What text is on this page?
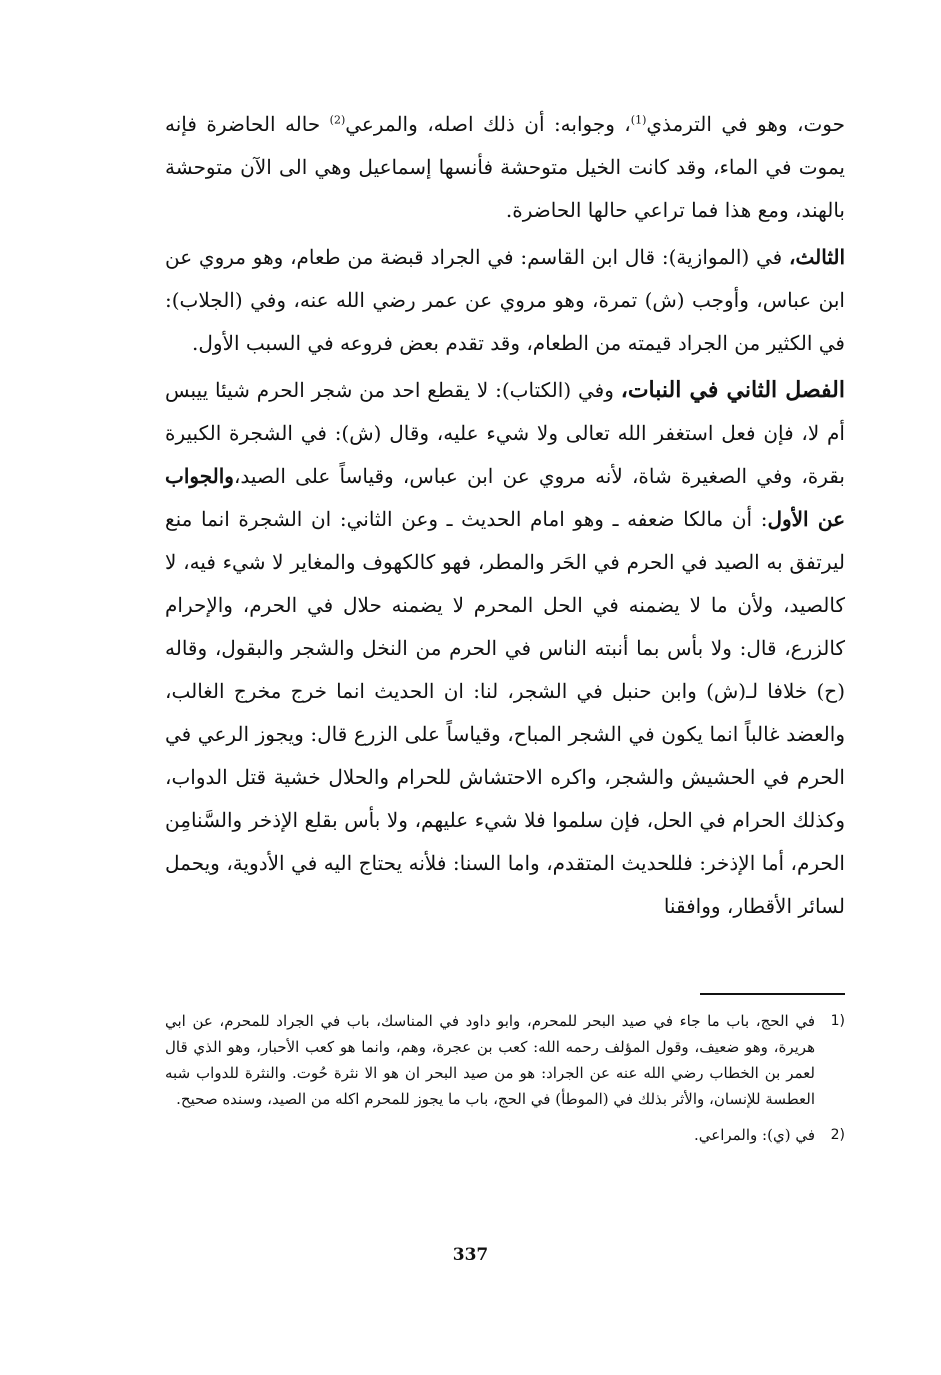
حوت، وهو في الترمذي$^{(1)}$، وجوابه: أن ذلك اصله، والمرعي$^{(2)}$ حاله الحاضرة فإنه يموت في الماء، وقد كانت الخيل متوحشة فأنسها إسماعيل وهي الى الآن متوحشة بالهند، ومع هذا فما تراعي حالها الحاضرة.

الثالث، في (الموازية): قال ابن القاسم: في الجراد قبضة من طعام، وهو مروي عن ابن عباس، وأوجب (ش) تمرة، وهو مروي عن عمر رضي الله عنه، وفي (الجلاب): في الكثير من الجراد قيمته من الطعام، وقد تقدم بعض فروعه في السبب الأول.

الفصل الثاني في النبات، وفي (الكتاب): لا يقطع احد من شجر الحرم شيئا ييبس أم لا، فإن فعل استغفر الله تعالى ولا شيء عليه، وقال (ش): في الشجرة الكبيرة بقرة، وفي الصغيرة شاة، لأنه مروي عن ابن عباس، وقياساً على الصيد،والجواب عن الأول: أن مالكا ضعفه ـ وهو امام الحديث ـ وعن الثاني: ان الشجرة انما منع ليرتفق به الصيد في الحرم في الحَر والمطر، فهو كالكهوف والمغاير لا شيء فيه، لا كالصيد، ولأن ما لا يضمنه في الحل المحرم لا يضمنه حلال في الحرم، والإحرام كالزرع، قال: ولا بأس بما أنبته الناس في الحرم من النخل والشجر والبقول، وقاله (ح) خلافا لـ(ش) وابن حنبل في الشجر، لنا: ان الحديث انما خرج مخرج الغالب، والعضد غالباً انما يكون في الشجر المباح، وقياساً على الزرع قال: ويجوز الرعي في الحرم في الحشيش والشجر، واكره الاحتشاش للحرام والحلال خشية قتل الدواب، وكذلك الحرام في الحل، فإن سلموا فلا شيء عليهم، ولا بأس بقلع الإذخر والسَّنامِن الحرم، أما الإذخر: فللحديث المتقدم، واما السنا: فلأنه يحتاج اليه في الأدوية، ويحمل لسائر الأقطار، ووافقنا

1)
في الحج، باب ما جاء في صيد البحر للمحرم، وابو داود في المناسك، باب في الجراد للمحرم، عن ابي هريرة، وهو ضعيف، وقول المؤلف رحمه الله: كعب بن عجرة، وهم، وانما هو كعب الأحبار، وهو الذي قال لعمر بن الخطاب رضي الله عنه عن الجراد: هو من صيد البحر ان هو الا نثرة حُوت. والنثرة للدواب شبه العطسة للإنسان، والأثر بذلك في (الموطأ) في الحج، باب ما يجوز للمحرم اكله من الصيد، وسنده صحيح.
2)
في (ي): والمراعي.
337
